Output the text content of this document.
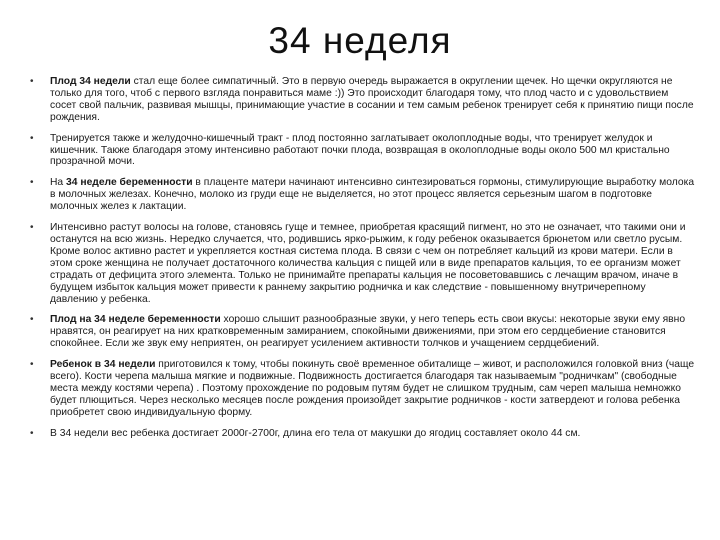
34 неделя
•	Плод 34 недели стал еще более симпатичный. Это в первую очередь выражается в округлении щечек. Но щечки округляются не только для того, чтоб с первого взгляда понравиться маме :)) Это происходит благодаря тому, что плод часто и с удовольствием сосет свой пальчик, развивая мышцы, принимающие участие в сосании и тем самым ребенок тренирует себя к принятию пищи после рождения.
•	Тренируется также и желудочно-кишечный тракт - плод постоянно заглатывает околоплодные воды, что тренирует желудок и кишечник. Также благодаря этому интенсивно работают почки плода, возвращая в околоплодные воды около 500 мл кристально прозрачной мочи.
•	На 34 неделе беременности в плаценте матери начинают интенсивно синтезироваться гормоны, стимулирующие выработку молока в молочных железах. Конечно, молоко из груди еще не выделяется, но этот процесс является серьезным шагом в подготовке молочных желез к лактации.
•	Интенсивно растут волосы на голове, становясь гуще и темнее, приобретая красящий пигмент, но это не означает, что такими они и останутся на всю жизнь. Нередко случается, что, родившись ярко-рыжим, к году ребенок оказывается брюнетом или светло русым. Кроме волос активно растет и укрепляется костная система плода. В связи с чем он потребляет кальций из крови матери. Если в этом сроке женщина не получает достаточного количества кальция с пищей или в виде препаратов кальция, то ее организм может страдать от дефицита этого элемента. Только не принимайте препараты кальция не посоветовавшись с лечащим врачом, иначе в будущем избыток кальция может привести к раннему закрытию родничка и как следствие - повышенному внутричерепному давлению у ребенка.
•	Плод на 34 неделе беременности хорошо слышит разнообразные звуки, у него теперь есть свои вкусы: некоторые звуки ему явно нравятся, он реагирует на них кратковременным замиранием, спокойными движениями, при этом его сердцебиение становится спокойнее. Если же звук ему неприятен, он реагирует усилением активности толчков и учащением сердцебиений.
•	Ребенок в 34 недели приготовился к тому, чтобы покинуть своё временное обиталище – живот, и расположился головкой вниз (чаще всего). Кости черепа малыша мягкие и подвижные. Подвижность достигается благодаря так называемым "родничкам" (свободные места между костями черепа) . Поэтому прохождение по родовым путям будет не слишком трудным, сам череп малыша немножко будет плющиться. Через несколько месяцев после рождения произойдет закрытие родничков - кости затвердеют и голова ребенка приобретет свою индивидуальную форму.
•	В 34 недели вес ребенка достигает 2000г-2700г, длина его тела от макушки до ягодиц составляет около 44 см.
